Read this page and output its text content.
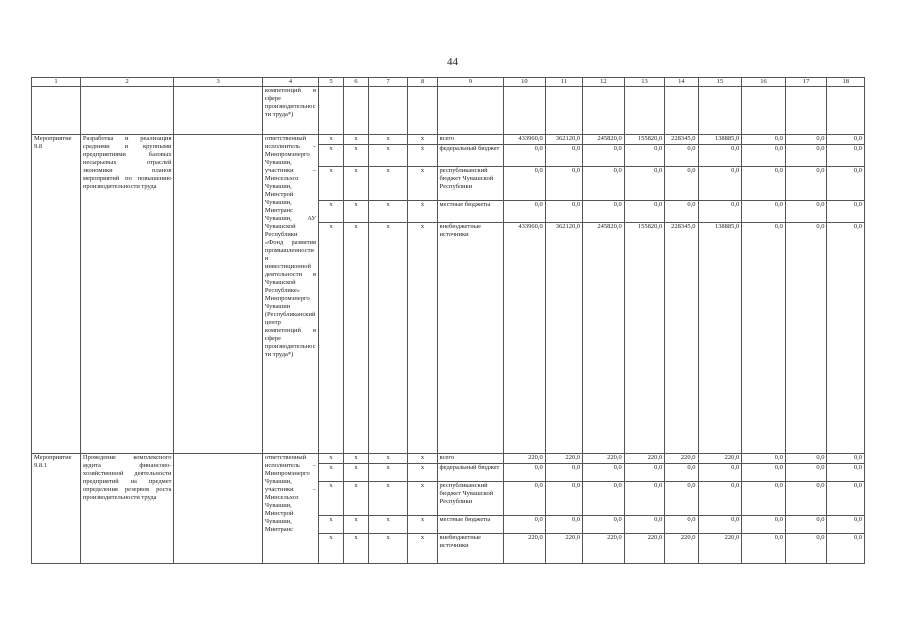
44
1	2	3	4	5	6	7	8	9	10	11	12	13	14	15	16	17	18
			компетенций в сфере производительности труда*)														
Мероприятие 9.8	Разработка и реализация средними и крупными предприятиями базовых несырьевых отраслей экономики планов мероприятий по повышению производительности труда		ответственный исполнитель – Минпромэнерго Чувашии, участники – Минсельхоз Чувашии, Минстрой Чувашии, Минтранс Чувашии, АУ Чувашской Республики «Фонд развития промышленности и инвестиционной деятельности в Чувашской Республике» Минпромэнерго Чувашии (Республиканский центр компетенций в сфере производительности труда*)	х	х	х	х	всего	433960,0	362120,0	245820,0	155820,0	228345,0	138885,0	0,0	0,0	0,0
				х	х	х	х	федеральный бюджет	0,0	0,0	0,0	0,0	0,0	0,0	0,0	0,0	0,0
				х	х	х	х	республиканский бюджет Чувашской Республики	0,0	0,0	0,0	0,0	0,0	0,0	0,0	0,0	0,0
				х	х	х	х	местные бюджеты	0,0	0,0	0,0	0,0	0,0	0,0	0,0	0,0	0,0
				х	х	х	х	внебюджетные источники	433960,0	362120,0	245820,0	155820,0	228345,0	138885,0	0,0	0,0	0,0
Мероприятие 9.8.1	Проведение комплексного аудита финансово-хозяйственной деятельности предприятий на предмет определения резервов роста производительности труда		ответственный исполнитель – Минпромэнерго Чувашии, участники – Минсельхоз Чувашии, Минстрой Чувашии, Минтранс	х	х	х	х	всего	220,0	220,0	220,0	220,0	220,0	220,0	0,0	0,0	0,0
				х	х	х	х	федеральный бюджет	0,0	0,0	0,0	0,0	0,0	0,0	0,0	0,0	0,0
				х	х	х	х	республиканский бюджет Чувашской Республики	0,0	0,0	0,0	0,0	0,0	0,0	0,0	0,0	0,0
				х	х	х	х	местные бюджеты	0,0	0,0	0,0	0,0	0,0	0,0	0,0	0,0	0,0
				х	х	х	х	внебюджетные источники	220,0	220,0	220,0	220,0	220,0	220,0	0,0	0,0	0,0
